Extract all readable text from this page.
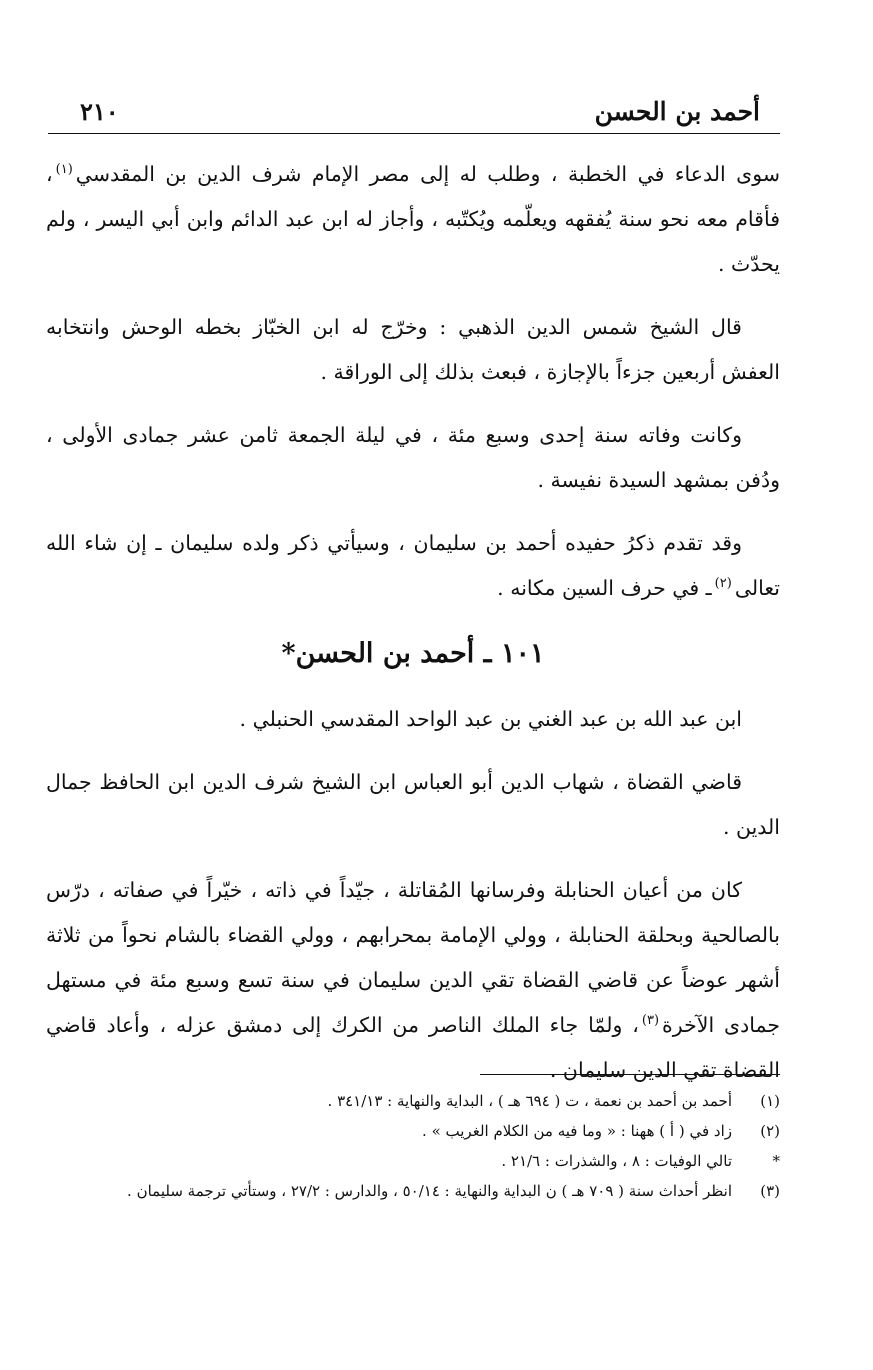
أحمد بن الحسن
٢١٠

سوى الدعاء في الخطبة ، وطلب له إلى مصر الإمام شرف الدين بن المقدسي$^{(١)}$، فأقام معه نحو سنة يُفقهه ويعلّمه ويُكتّبه ، وأجاز له ابن عبد الدائم وابن أبي اليسر ، ولم يحدّث .

قال الشيخ شمس الدين الذهبي : وخرّج له ابن الخبّاز بخطه الوحش وانتخابه العفش أربعين جزءاً بالإجازة ، فبعث بذلك إلى الوراقة .

وكانت وفاته سنة إحدى وسبع مئة ، في ليلة الجمعة ثامن عشر جمادى الأولى ، ودُفن بمشهد السيدة نفيسة .

وقد تقدم ذكرُ حفيده أحمد بن سليمان ، وسيأتي ذكر ولده سليمان ـ إن شاء الله تعالى$^{(٢)}$ـ في حرف السين مكانه .

١٠١ ـ أحمد بن الحسن*

ابن عبد الله بن عبد الغني بن عبد الواحد المقدسي الحنبلي .

قاضي القضاة ، شهاب الدين أبو العباس ابن الشيخ شرف الدين ابن الحافظ جمال الدين .

كان من أعيان الحنابلة وفرسانها المُقاتلة ، جيّداً في ذاته ، خيّراً في صفاته ، درّس بالصالحية وبحلقة الحنابلة ، وولي الإمامة بمحرابهم ، وولي القضاء بالشام نحواً من ثلاثة أشهر عوضاً عن قاضي القضاة تقي الدين سليمان في سنة تسع وسبع مئة في مستهل جمادى الآخرة$^{(٣)}$، ولمّا جاء الملك الناصر من الكرك إلى دمشق عزله ، وأعاد قاضي القضاة تقي الدين سليمان .

(١)
أحمد بن أحمد بن نعمة ، ت ( ٦٩٤ هـ ) ، البداية والنهاية : ٣٤١/١٣ .
(٢)
زاد في ( أ ) ههنا : « وما فيه من الكلام الغريب » .
*
تالي الوفيات : ٨ ، والشذرات : ٢١/٦ .
(٣)
انظر أحداث سنة ( ٧٠٩ هـ ) ن البداية والنهاية : ٥٠/١٤ ، والدارس : ٢٧/٢ ، وستأتي ترجمة سليمان .
